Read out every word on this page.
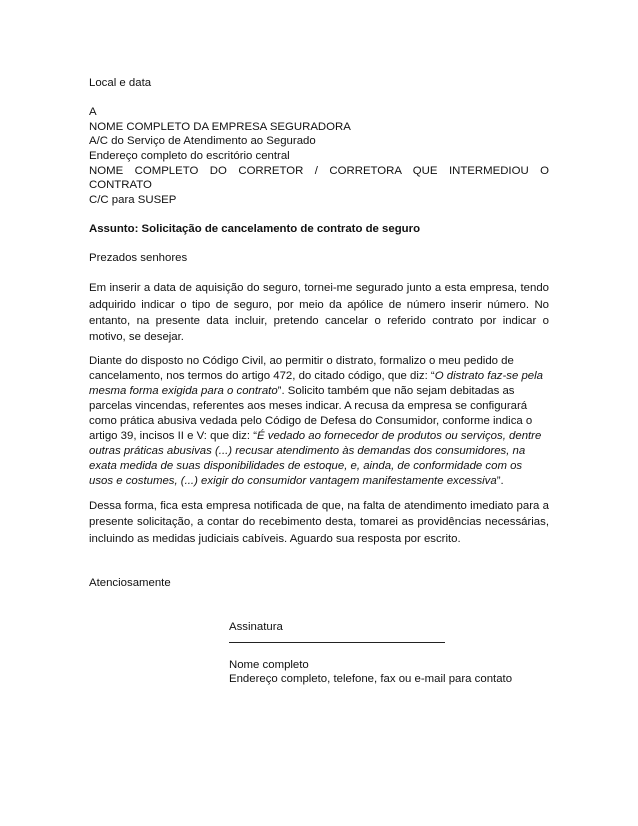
Local e data

A

NOME COMPLETO DA EMPRESA SEGURADORA

A/C do Serviço de Atendimento ao Segurado

Endereço completo do escritório central

NOME COMPLETO DO CORRETOR / CORRETORA QUE INTERMEDIOU O

CONTRATO

C/C para SUSEP

Assunto: Solicitação de cancelamento de contrato de seguro

Prezados senhores

Em inserir a data de aquisição do seguro, tornei-me segurado junto a esta empresa, tendo adquirido indicar o tipo de seguro, por meio da apólice de número inserir número. No entanto, na presente data incluir, pretendo cancelar o referido contrato por indicar o motivo, se desejar.

Diante do disposto no Código Civil, ao permitir o distrato, formalizo o meu pedido de
cancelamento, nos termos do artigo 472, do citado código, que diz: “O distrato faz-se pela
mesma forma exigida para o contrato”. Solicito também que não sejam debitadas as
parcelas vincendas, referentes aos meses indicar. A recusa da empresa se configurará
como prática abusiva vedada pelo Código de Defesa do Consumidor, conforme indica o
artigo 39, incisos II e V: que diz: “É vedado ao fornecedor de produtos ou serviços, dentre
outras práticas abusivas (...) recusar atendimento às demandas dos consumidores, na
exata medida de suas disponibilidades de estoque, e, ainda, de conformidade com os
usos e costumes, (...) exigir do consumidor vantagem manifestamente excessiva”.

Dessa forma, fica esta empresa notificada de que, na falta de atendimento imediato para a presente solicitação, a contar do recebimento desta, tomarei as providências necessárias, incluindo as medidas judiciais cabíveis. Aguardo sua resposta por escrito.

Atenciosamente

Assinatura

Nome completo

Endereço completo, telefone, fax ou e-mail para contato
